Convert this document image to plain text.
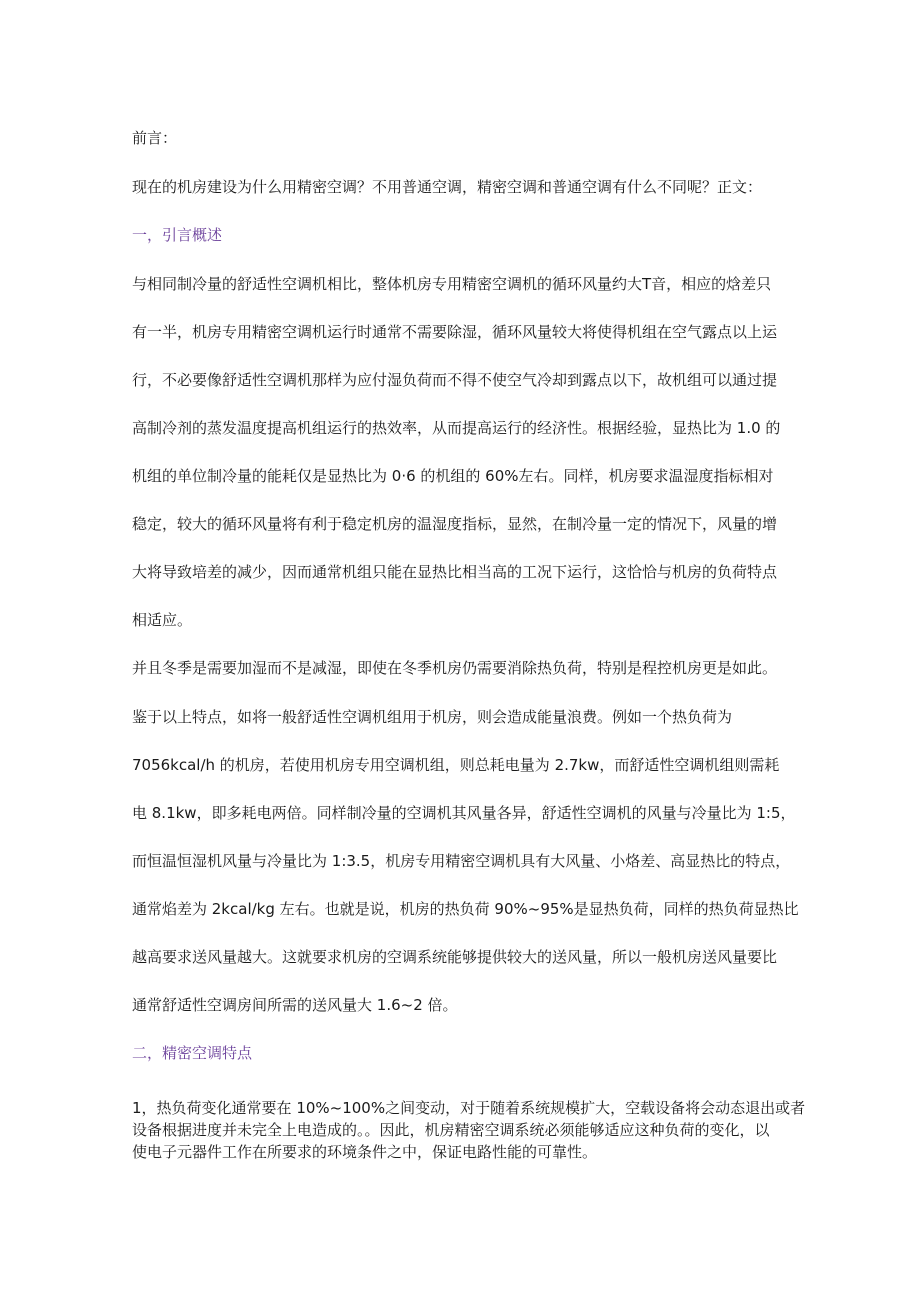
前言：
现在的机房建设为什么用精密空调？不用普通空调，精密空调和普通空调有什么不同呢？正文：
一，引言概述
与相同制冷量的舒适性空调机相比，整体机房专用精密空调机的循环风量约大T音，相应的焓差只
有一半，机房专用精密空调机运行时通常不需要除湿，循环风量较大将使得机组在空气露点以上运
行，不必要像舒适性空调机那样为应付湿负荷而不得不使空气冷却到露点以下，故机组可以通过提
高制冷剂的蒸发温度提高机组运行的热效率，从而提高运行的经济性。根据经验，显热比为 1.0 的
机组的单位制冷量的能耗仅是显热比为 0·6 的机组的 60%左右。同样，机房要求温湿度指标相对
稳定，较大的循环风量将有利于稳定机房的温湿度指标，显然，在制冷量一定的情况下，风量的增
大将导致培差的减少，因而通常机组只能在显热比相当高的工况下运行，这恰恰与机房的负荷特点
相适应。
并且冬季是需要加湿而不是减湿，即使在冬季机房仍需要消除热负荷，特别是程控机房更是如此。
鉴于以上特点，如将一般舒适性空调机组用于机房，则会造成能量浪费。例如一个热负荷为
7056kcal∕h 的机房，若使用机房专用空调机组，则总耗电量为 2.7kw，而舒适性空调机组则需耗
电 8.1kw，即多耗电两倍。同样制冷量的空调机其风量各异，舒适性空调机的风量与冷量比为 1:5，
而恒温恒湿机风量与冷量比为 1:3.5，机房专用精密空调机具有大风量、小烙差、高显热比的特点，
通常焰差为 2kcal∕kg 左右。也就是说，机房的热负荷 90%~95%是显热负荷，同样的热负荷显热比
越高要求送风量越大。这就要求机房的空调系统能够提供较大的送风量，所以一般机房送风量要比
通常舒适性空调房间所需的送风量大 1.6~2 倍。
二，精密空调特点
1，热负荷变化通常要在 10%~100%之间变动，对于随着系统规模扩大，空载设备将会动态退出或者
设备根据进度并未完全上电造成的。。因此，机房精密空调系统必须能够适应这种负荷的变化，以
使电子元器件工作在所要求的环境条件之中，保证电路性能的可靠性。
